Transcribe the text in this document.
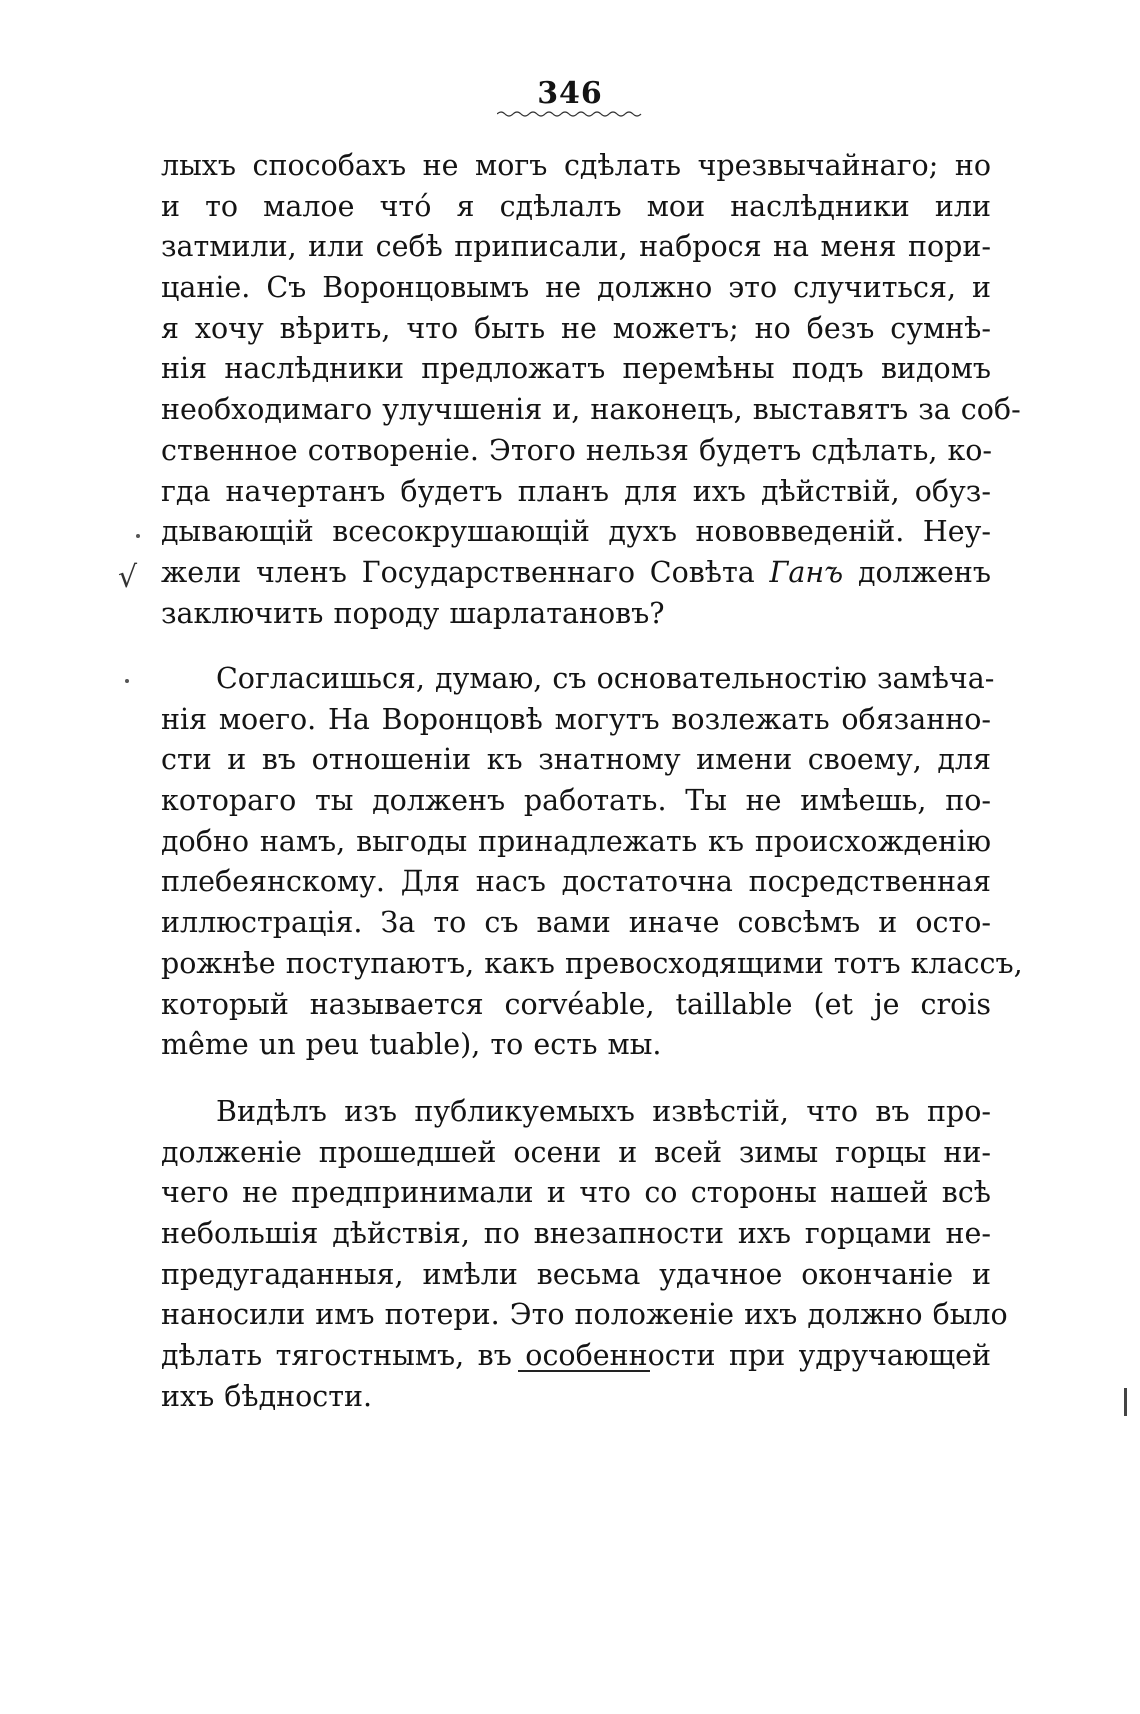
346
√
лыхъ способахъ не могъ сдѣлать чрезвычайнаго; но
и то малое чтó я сдѣлалъ мои наслѣдники или
затмили, или себѣ приписали, наброся на меня пори-
цаніе. Съ Воронцовымъ не должно это случиться, и
я хочу вѣрить, что быть не можетъ; но безъ сумнѣ-
нія наслѣдники предложатъ перемѣны подъ видомъ
необходимаго улучшенія и, наконецъ, выставятъ за соб-
ственное сотвореніе. Этого нельзя будетъ сдѣлать, ко-
гда начертанъ будетъ планъ для ихъ дѣйствій, обуз-
дывающій всесокрушающій духъ нововведеній. Неу-
жели членъ Государственнаго Совѣта Ганъ долженъ
заключить породу шарлатановъ?
Согласишься, думаю, съ основательностію замѣча-
нія моего. На Воронцовѣ могутъ возлежать обязанно-
сти и въ отношеніи къ знатному имени своему, для
котораго ты долженъ работать. Ты не имѣешь, по-
добно намъ, выгоды принадлежать къ происхожденію
плебеянскому. Для насъ достаточна посредственная
иллюстрація. За то съ вами иначе совсѣмъ и осто-
рожнѣе поступаютъ, какъ превосходящими тотъ классъ,
который называется corvéable, taillable (et je crois
même un peu tuable), то есть мы.
Видѣлъ изъ публикуемыхъ извѣстій, что въ про-
долженіе прошедшей осени и всей зимы горцы ни-
чего не предпринимали и что со стороны нашей всѣ
небольшія дѣйствія, по внезапности ихъ горцами не-
предугаданныя, имѣли весьма удачное окончаніе и
наносили имъ потери. Это положеніе ихъ должно было
дѣлать тягостнымъ, въ особенности при удручающей
ихъ бѣдности.
